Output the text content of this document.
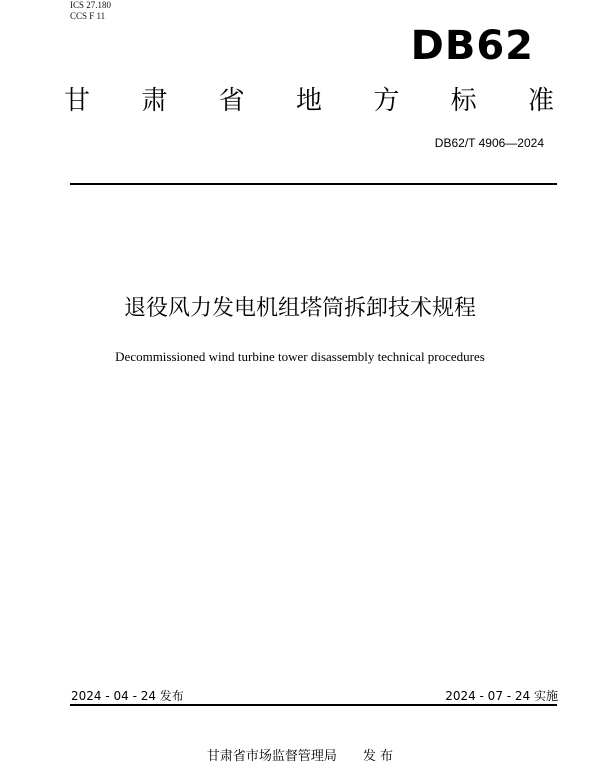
ICS 27.180
CCS F 11
DB62
甘 肃 省 地 方 标 准
DB62/T 4906—2024
退役风力发电机组塔筒拆卸技术规程
Decommissioned wind turbine tower disassembly technical procedures
2024 - 04 - 24 发布	2024 - 07 - 24 实施
甘肃省市场监督管理局　　发 布
